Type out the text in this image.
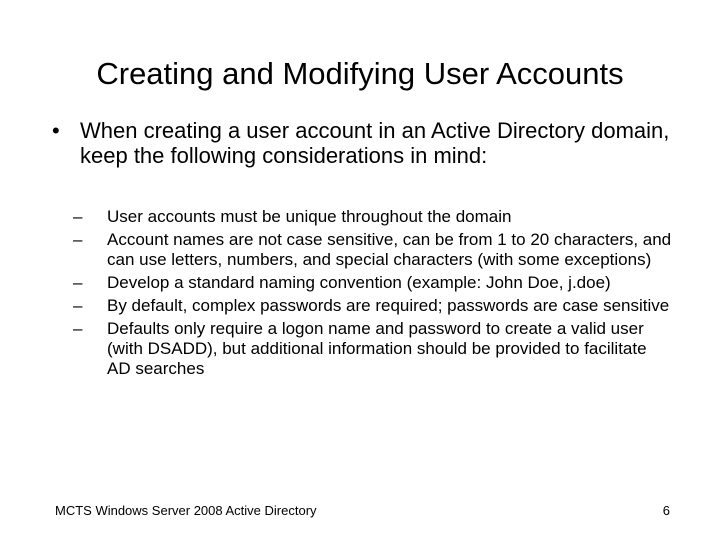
Creating and Modifying User Accounts
• When creating a user account in an Active Directory domain, keep the following considerations in mind:
– User accounts must be unique throughout the domain
– Account names are not case sensitive, can be from 1 to 20 characters, and can use letters, numbers, and special characters (with some exceptions)
– Develop a standard naming convention (example: John Doe, j.doe)
– By default, complex passwords are required; passwords are case sensitive
– Defaults only require a logon name and password to create a valid user (with DSADD), but additional information should be provided to facilitate AD searches
MCTS Windows Server 2008 Active Directory	6
